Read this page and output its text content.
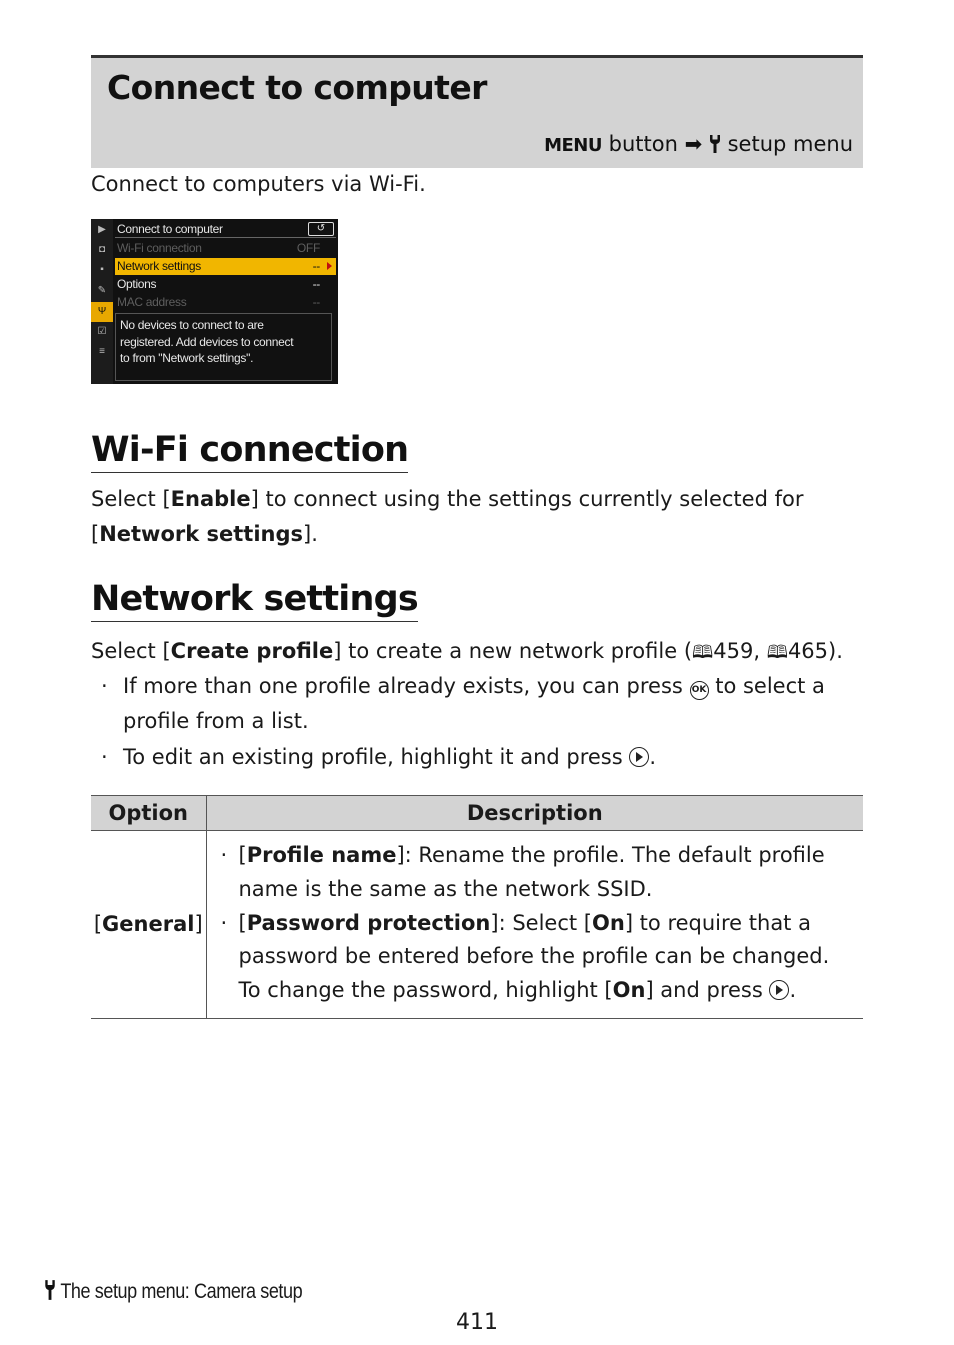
Connect to computer
MENU button ➡ setup menu
Connect to computers via Wi-Fi.
▶
◘
▪
✎
Ψ
☑
≡
Connect to computer	↺
Wi-Fi connection	OFF
Network settings	--
Options	--
MAC address	--
No devices to connect to are
registered. Add devices to connect
to from "Network settings".
Wi-Fi connection
Select [Enable] to connect using the settings currently selected for
[Network settings].
Network settings
Select [Create profile] to create a new network profile (🕮459, 🕮465).
· If more than one profile already exists, you can press OK to select a profile from a list.
· To edit an existing profile, highlight it and press .
Option	Description
[General]	· [Profile name]: Rename the profile. The default profile name is the same as the network SSID.
· [Password protection]: Select [On] to require that a password be entered before the profile can be changed. To change the password, highlight [On] and press .
The setup menu: Camera setup
411
